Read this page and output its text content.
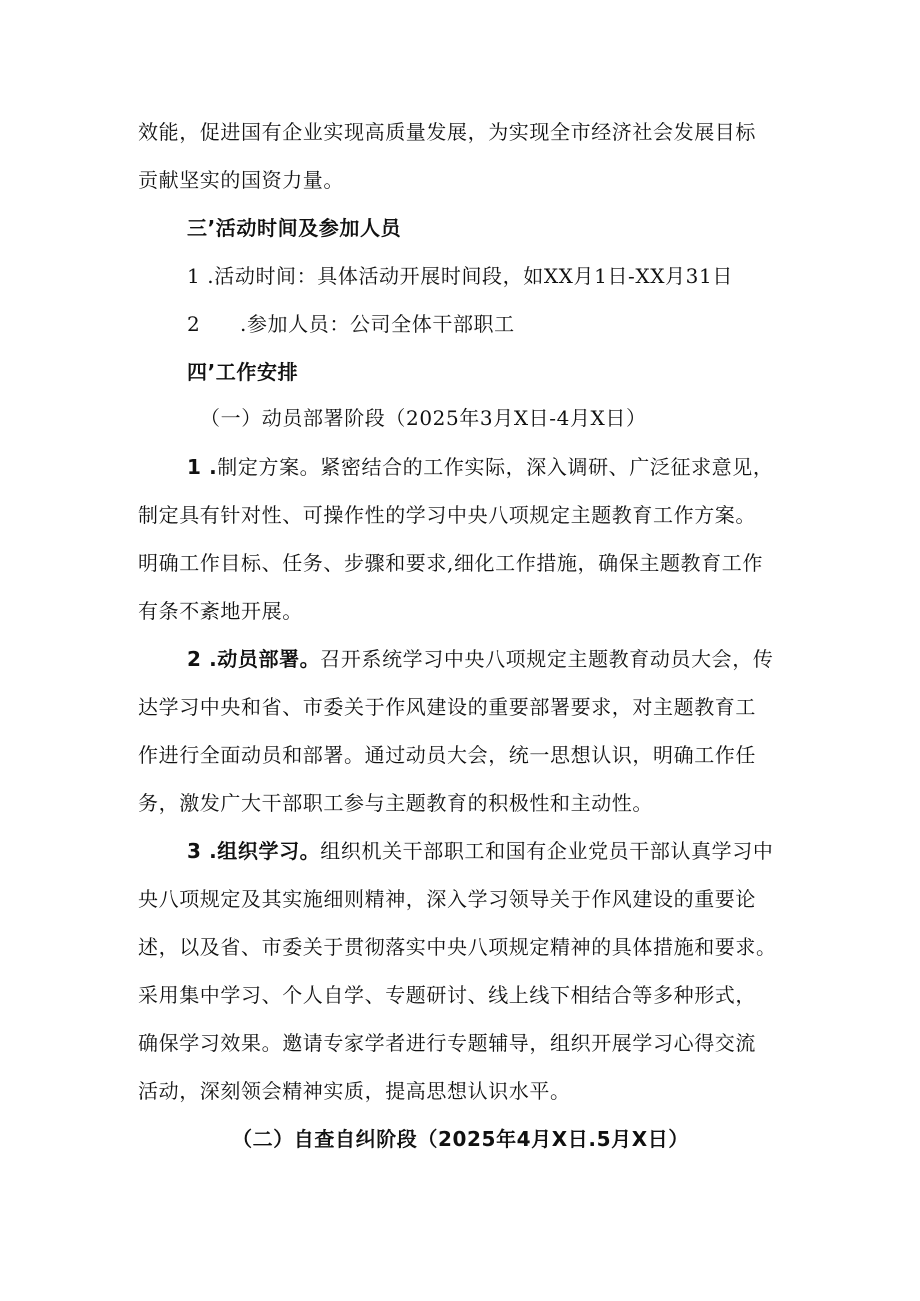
效能，促进国有企业实现高质量发展，为实现全市经济社会发展目标
贡献坚实的国资力量。
三’活动时间及参加人员
1 .活动时间：具体活动开展时间段，如XX月1日-XX月31日
2 .参加人员：公司全体干部职工
四’工作安排
（一）动员部署阶段（2025年3月X日-4月X日）
1 .制定方案。紧密结合的工作实际，深入调研、广泛征求意见，
制定具有针对性、可操作性的学习中央八项规定主题教育工作方案。
明确工作目标、任务、步骤和要求,细化工作措施，确保主题教育工作
有条不紊地开展。
2 .动员部署。召开系统学习中央八项规定主题教育动员大会，传
达学习中央和省、市委关于作风建设的重要部署要求，对主题教育工
作进行全面动员和部署。通过动员大会，统一思想认识，明确工作任
务，激发广大干部职工参与主题教育的积极性和主动性。
3 .组织学习。组织机关干部职工和国有企业党员干部认真学习中
央八项规定及其实施细则精神，深入学习领导关于作风建设的重要论
述，以及省、市委关于贯彻落实中央八项规定精神的具体措施和要求。
采用集中学习、个人自学、专题研讨、线上线下相结合等多种形式，
确保学习效果。邀请专家学者进行专题辅导，组织开展学习心得交流
活动，深刻领会精神实质，提高思想认识水平。
（二）自查自纠阶段（2025年4月X日.5月X日）
